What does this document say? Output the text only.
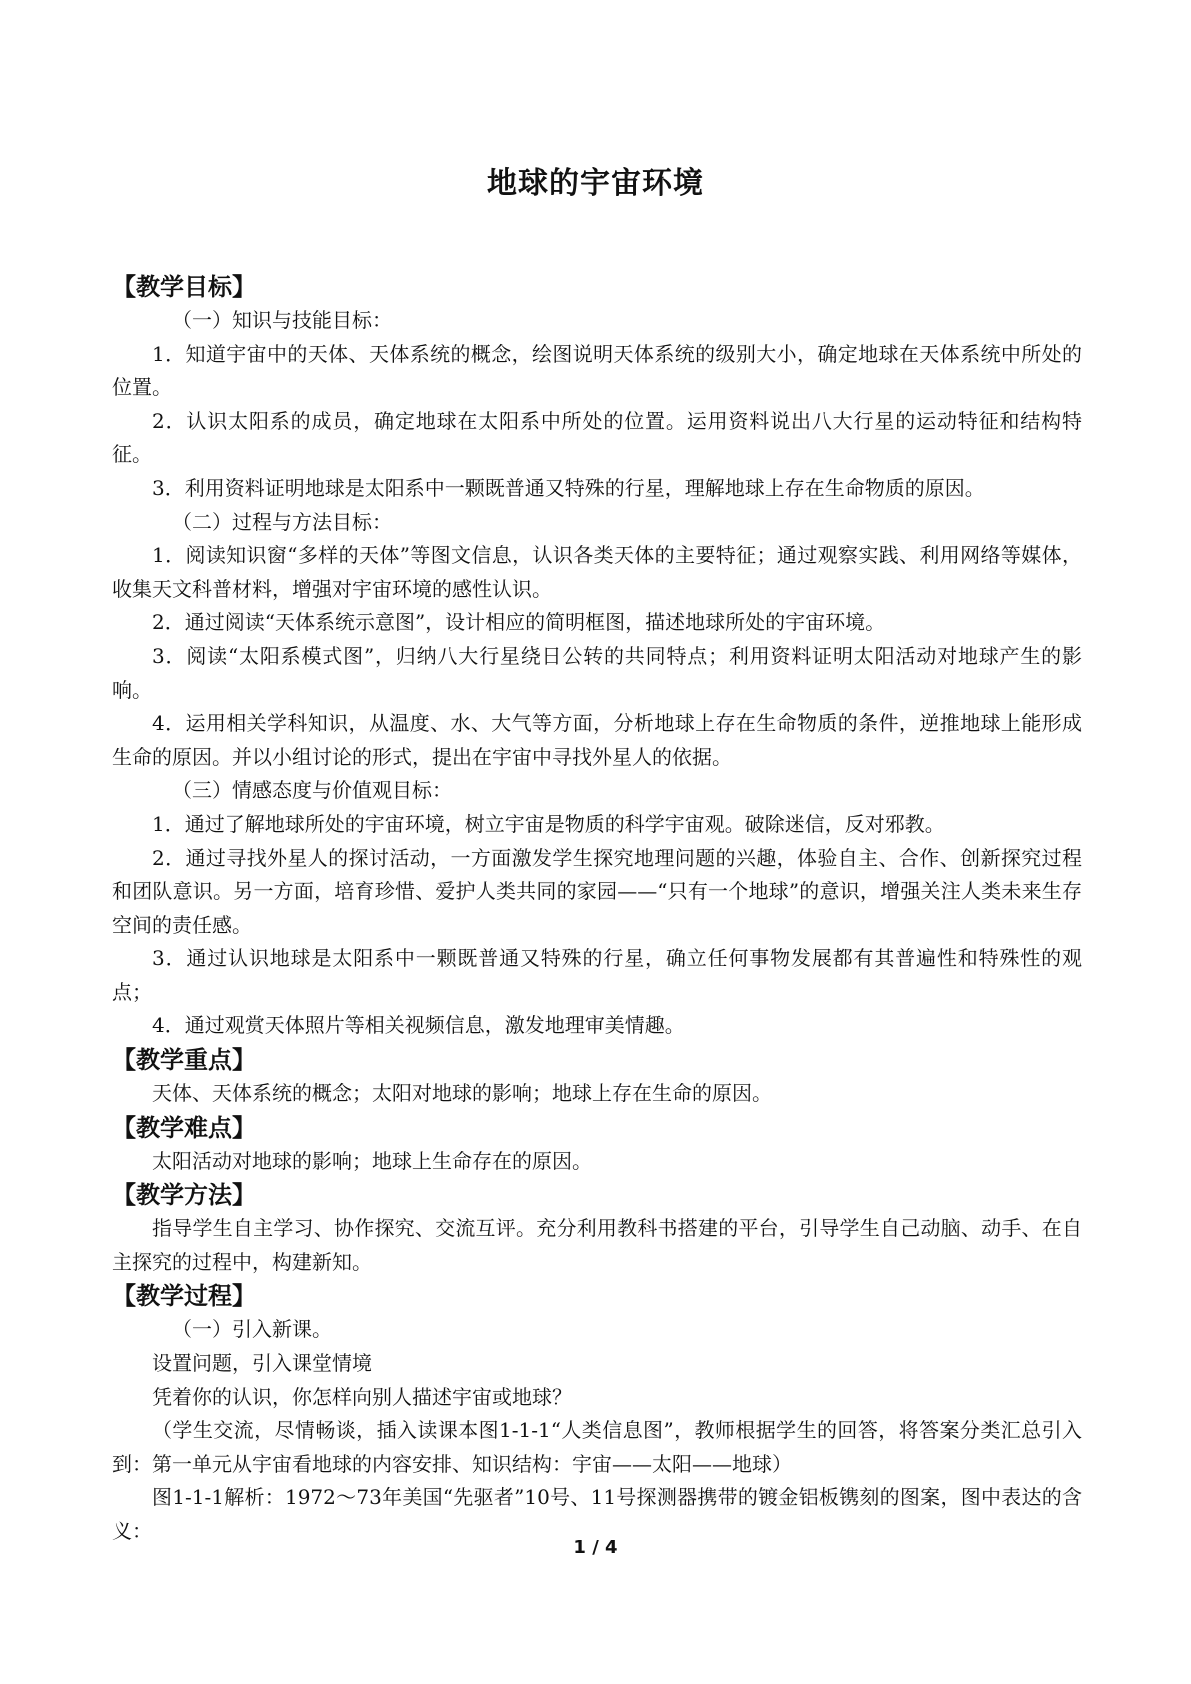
地球的宇宙环境
【教学目标】
（一）知识与技能目标：
1．知道宇宙中的天体、天体系统的概念，绘图说明天体系统的级别大小，确定地球在天体系统中所处的位置。
2．认识太阳系的成员，确定地球在太阳系中所处的位置。运用资料说出八大行星的运动特征和结构特征。
3．利用资料证明地球是太阳系中一颗既普通又特殊的行星，理解地球上存在生命物质的原因。
（二）过程与方法目标：
1．阅读知识窗“多样的天体”等图文信息，认识各类天体的主要特征；通过观察实践、利用网络等媒体，收集天文科普材料，增强对宇宙环境的感性认识。
2．通过阅读“天体系统示意图”，设计相应的简明框图，描述地球所处的宇宙环境。
3．阅读“太阳系模式图”，归纳八大行星绕日公转的共同特点；利用资料证明太阳活动对地球产生的影响。
4．运用相关学科知识，从温度、水、大气等方面，分析地球上存在生命物质的条件，逆推地球上能形成生命的原因。并以小组讨论的形式，提出在宇宙中寻找外星人的依据。
（三）情感态度与价值观目标：
1．通过了解地球所处的宇宙环境，树立宇宙是物质的科学宇宙观。破除迷信，反对邪教。
2．通过寻找外星人的探讨活动，一方面激发学生探究地理问题的兴趣，体验自主、合作、创新探究过程和团队意识。另一方面，培育珍惜、爱护人类共同的家园——“只有一个地球”的意识，增强关注人类未来生存空间的责任感。
3．通过认识地球是太阳系中一颗既普通又特殊的行星，确立任何事物发展都有其普遍性和特殊性的观点；
4．通过观赏天体照片等相关视频信息，激发地理审美情趣。
【教学重点】
天体、天体系统的概念；太阳对地球的影响；地球上存在生命的原因。
【教学难点】
太阳活动对地球的影响；地球上生命存在的原因。
【教学方法】
指导学生自主学习、协作探究、交流互评。充分利用教科书搭建的平台，引导学生自己动脑、动手、在自主探究的过程中，构建新知。
【教学过程】
（一）引入新课。
设置问题，引入课堂情境
凭着你的认识，你怎样向别人描述宇宙或地球？
（学生交流，尽情畅谈，插入读课本图1-1-1“人类信息图”，教师根据学生的回答，将答案分类汇总引入到：第一单元从宇宙看地球的内容安排、知识结构：宇宙——太阳——地球）
图1-1-1解析：1972～73年美国“先驱者”10号、11号探测器携带的镀金铝板镌刻的图案，图中表达的含义：
1 / 4
